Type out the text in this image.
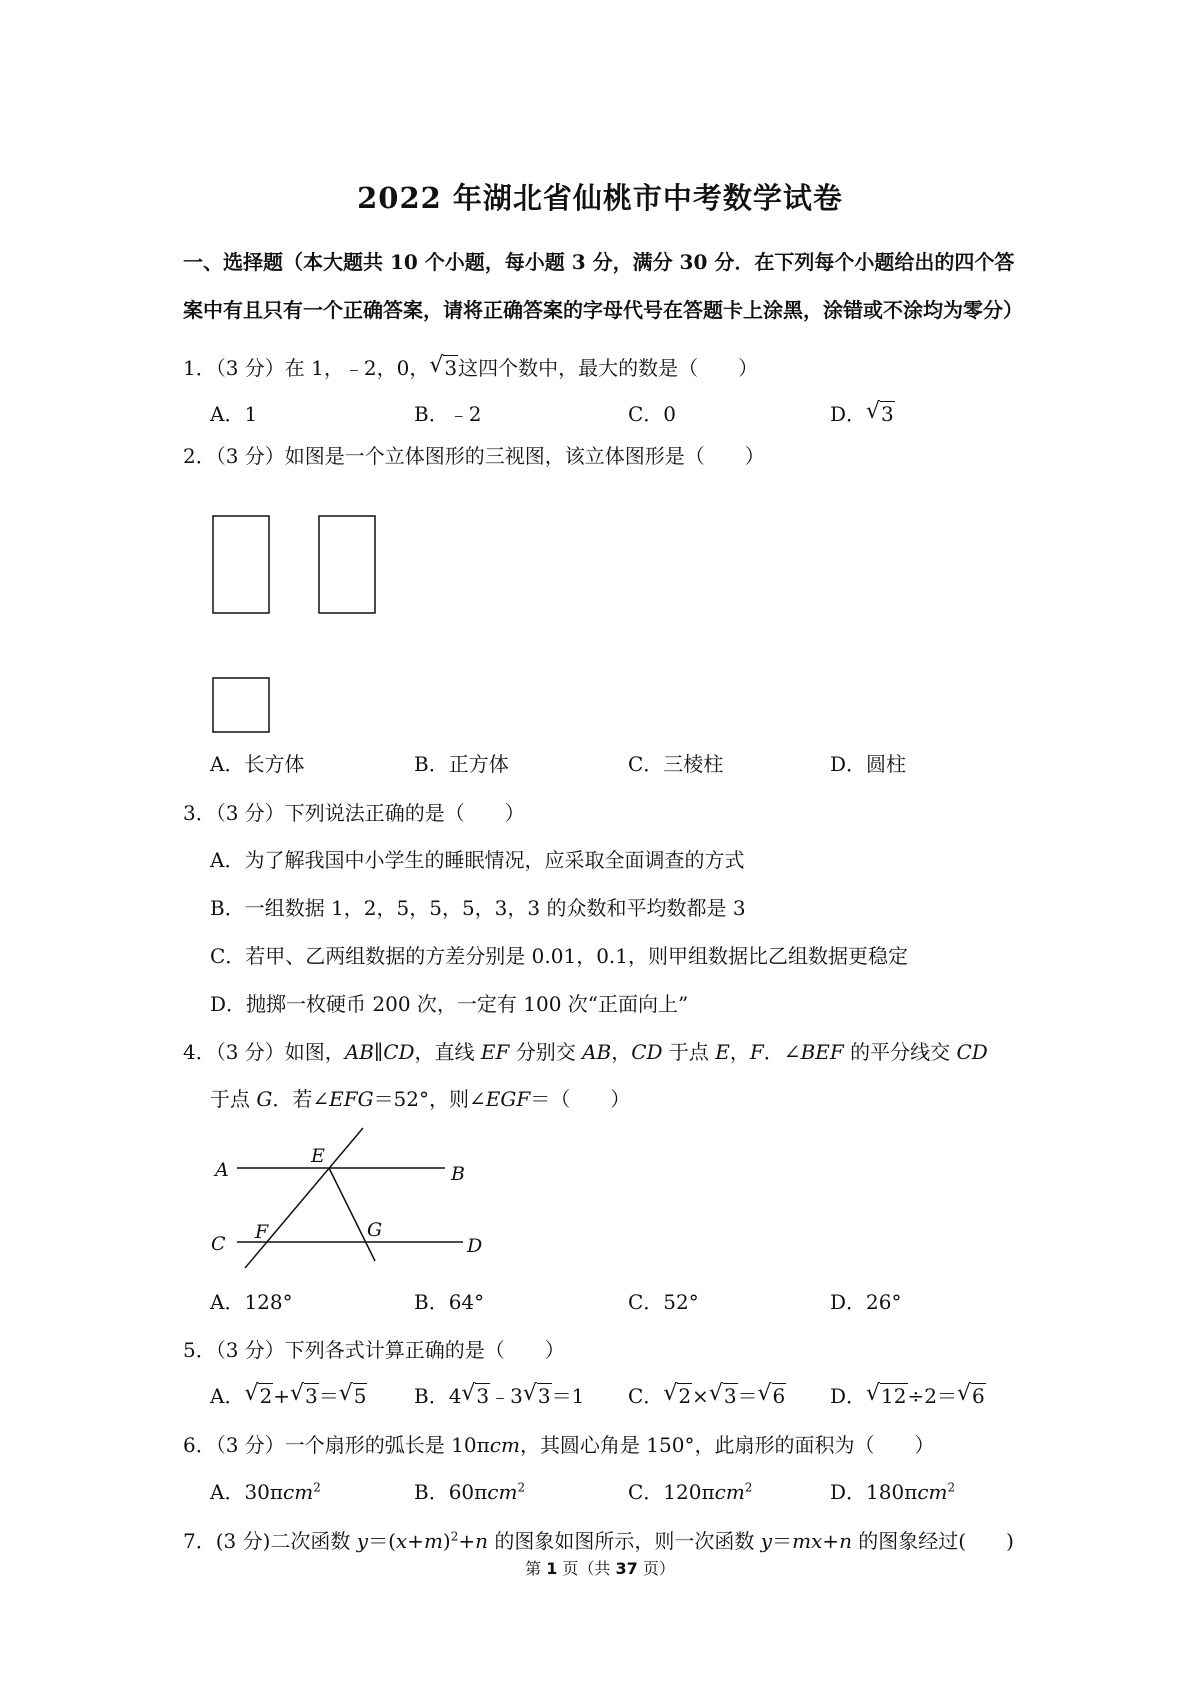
2022 年湖北省仙桃市中考数学试卷
一、选择题（本大题共 10 个小题，每小题 3 分，满分 30 分．在下列每个小题给出的四个答案中有且只有一个正确答案，请将正确答案的字母代号在答题卡上涂黑，涂错或不涂均为零分）
1．（3 分）在 1，﹣2，0， √ 3这四个数中，最大的数是（　　）
A．1	B．﹣2	C．0	D． √ 3
2．（3 分）如图是一个立体图形的三视图，该立体图形是（　　）
A．长方体	B．正方体	C．三棱柱	D．圆柱
3．（3 分）下列说法正确的是（　　）
A．为了解我国中小学生的睡眠情况，应采取全面调查的方式
B．一组数据 1，2，5，5，5，3，3 的众数和平均数都是 3
C．若甲、乙两组数据的方差分别是 0.01，0.1，则甲组数据比乙组数据更稳定
D．抛掷一枚硬币 200 次，一定有 100 次“正面向上”
4．（3 分）如图，AB∥CD，直线 EF 分别交 AB，CD 于点 E，F．∠BEF 的平分线交 CD
于点 G．若∠EFG＝52°，则∠EGF＝（　　）
A	B
C	D
E
F	G
A．128°	B．64°	C．52°	D．26°
5．（3 分）下列各式计算正确的是（　　）
A． √ 2+ √ 3＝ √ 5 B．4 √ 3﹣3 √ 3＝1 C． √ 2× √ 3＝ √ 6 D． √ 12÷2＝ √ 6
6．（3 分）一个扇形的弧长是 10πcm，其圆心角是 150°，此扇形的面积为（　　）
A．30πcm$^2$	B．60πcm$^2$	C．120πcm$^2$	D．180πcm$^2$
7．(3 分)二次函数 $y=(x+m)^2+n$ 的图象如图所示，则一次函数 y＝mx+n 的图象经过(　　)
第 1 页（共 37 页）
